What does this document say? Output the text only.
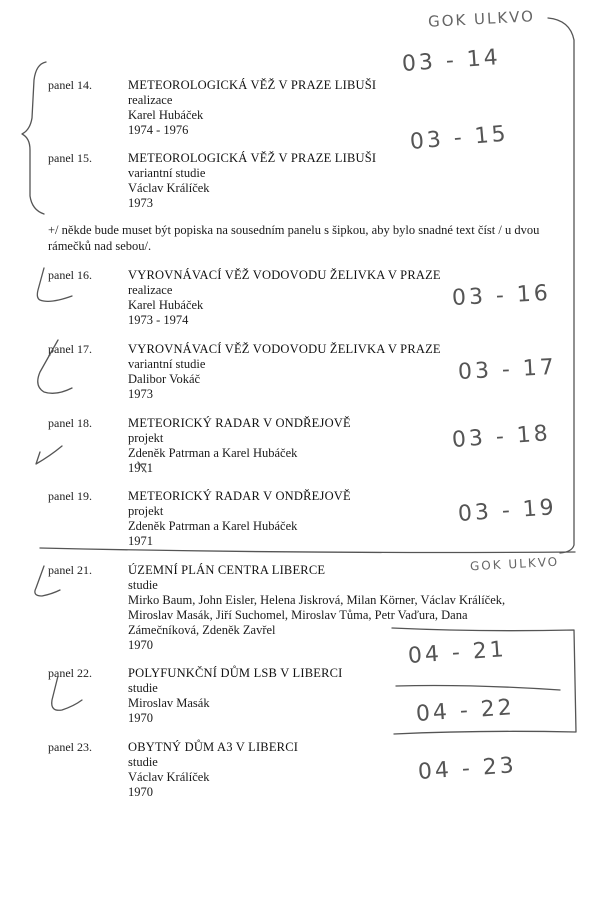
panel 14.	METEOROLOGICKÁ VĚŽ V PRAZE LIBUŠI
realizace
Karel Hubáček
1974 - 1976
panel 15.	METEOROLOGICKÁ VĚŽ V PRAZE LIBUŠI
variantní studie
Václav Králíček
1973
+/ někde bude muset být popiska na sousedním panelu s šipkou, aby bylo snadné text číst / u dvou rámečků nad sebou/.
panel 16.	VYROVNÁVACÍ VĚŽ VODOVODU ŽELIVKA V PRAZE
realizace
Karel Hubáček
1973 - 1974
panel 17.	VYROVNÁVACÍ VĚŽ VODOVODU ŽELIVKA V PRAZE
variantní studie
Dalibor Vokáč
1973
panel 18.	METEORICKÝ RADAR V ONDŘEJOVĚ
projekt
Zdeněk Patrman a Karel Hubáček
1971
panel 19.	METEORICKÝ RADAR V ONDŘEJOVĚ
projekt
Zdeněk Patrman a Karel Hubáček
1971
panel 21.	ÚZEMNÍ PLÁN CENTRA LIBERCE
studie
Mirko Baum, John Eisler, Helena Jiskrová, Milan Körner, Václav Králíček,
Miroslav Masák, Jiří Suchomel, Miroslav Tůma, Petr Vaďura, Dana
Zámečníková, Zdeněk Zavřel
1970
panel 22.	POLYFUNKČNÍ DŮM LSB V LIBERCI
studie
Miroslav Masák
1970
panel 23.	OBYTNÝ DŮM A3 V LIBERCI
studie
Václav Králíček
1970
GOK ULKVO
03 - 14
03 - 15
03 - 16
03 - 17
03 - 18
03 - 19
GOK ULKVO
04 - 21
04 - 22
04 - 23
